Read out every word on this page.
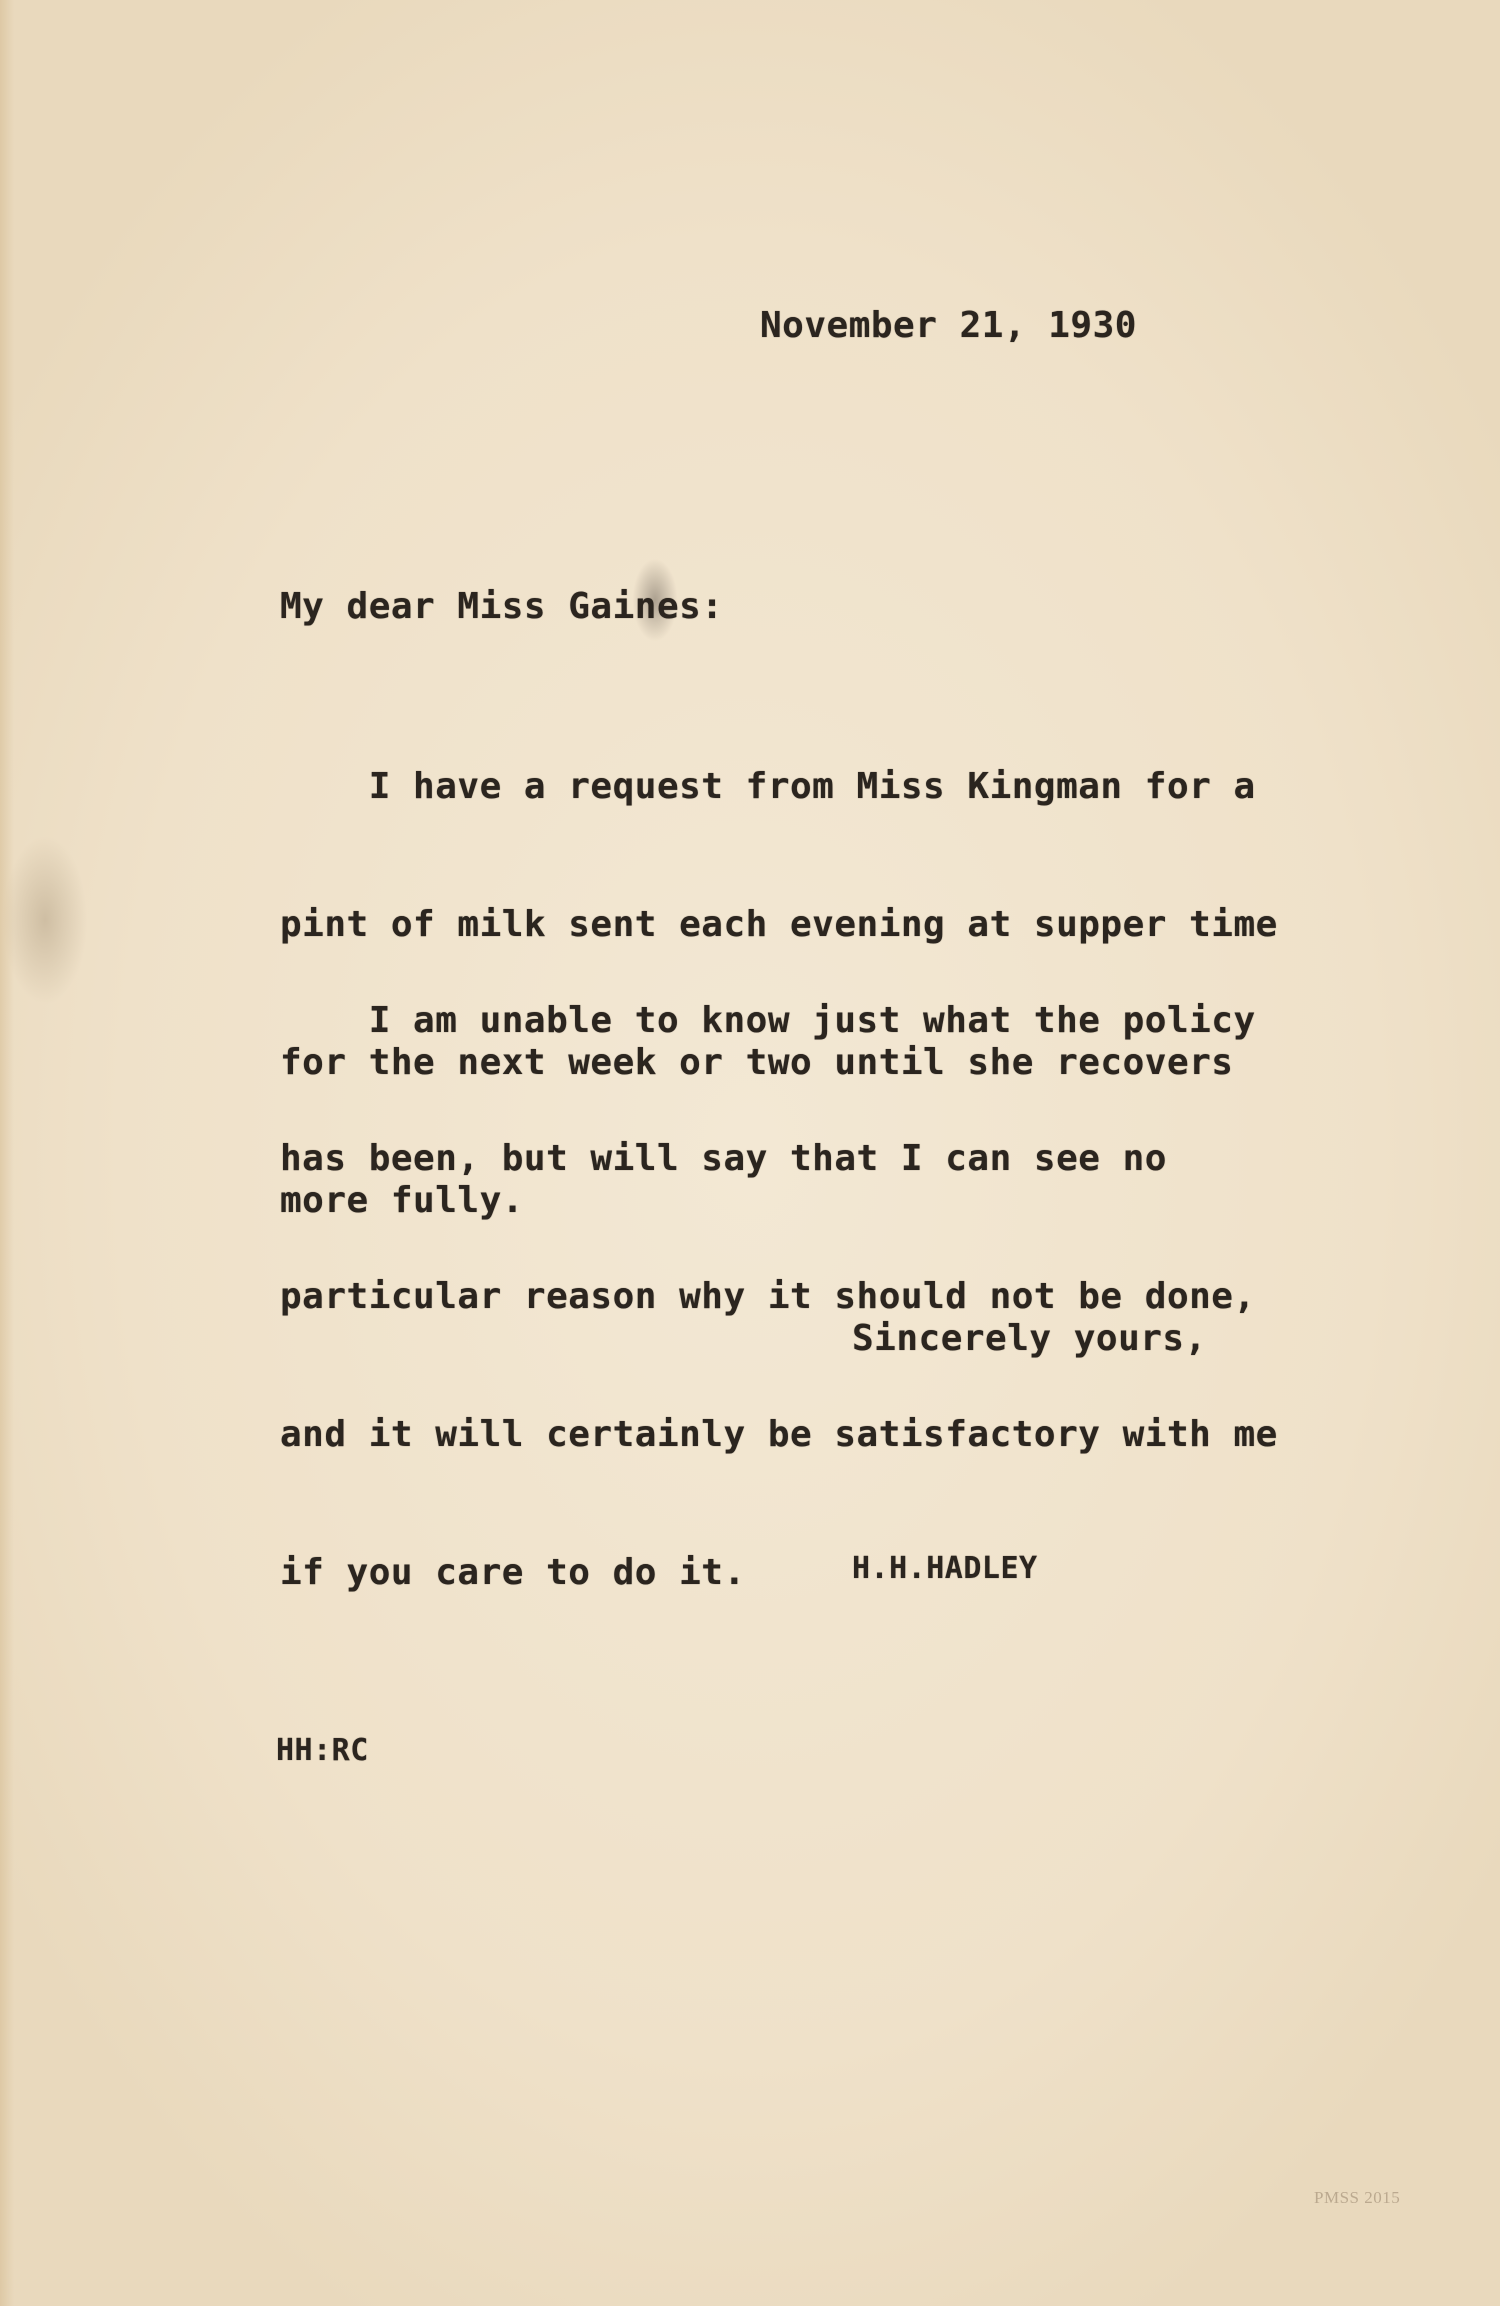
November 21, 1930
My dear Miss Gaines:

I have a request from Miss Kingman for a

pint of milk sent each evening at supper time

for the next week or two until she recovers

more fully.

I am unable to know just what the policy

has been, but will say that I can see no

particular reason why it should not be done,

and it will certainly be satisfactory with me

if you care to do it.

Sincerely yours,
H.H.HADLEY
HH:RC
PMSS 2015
